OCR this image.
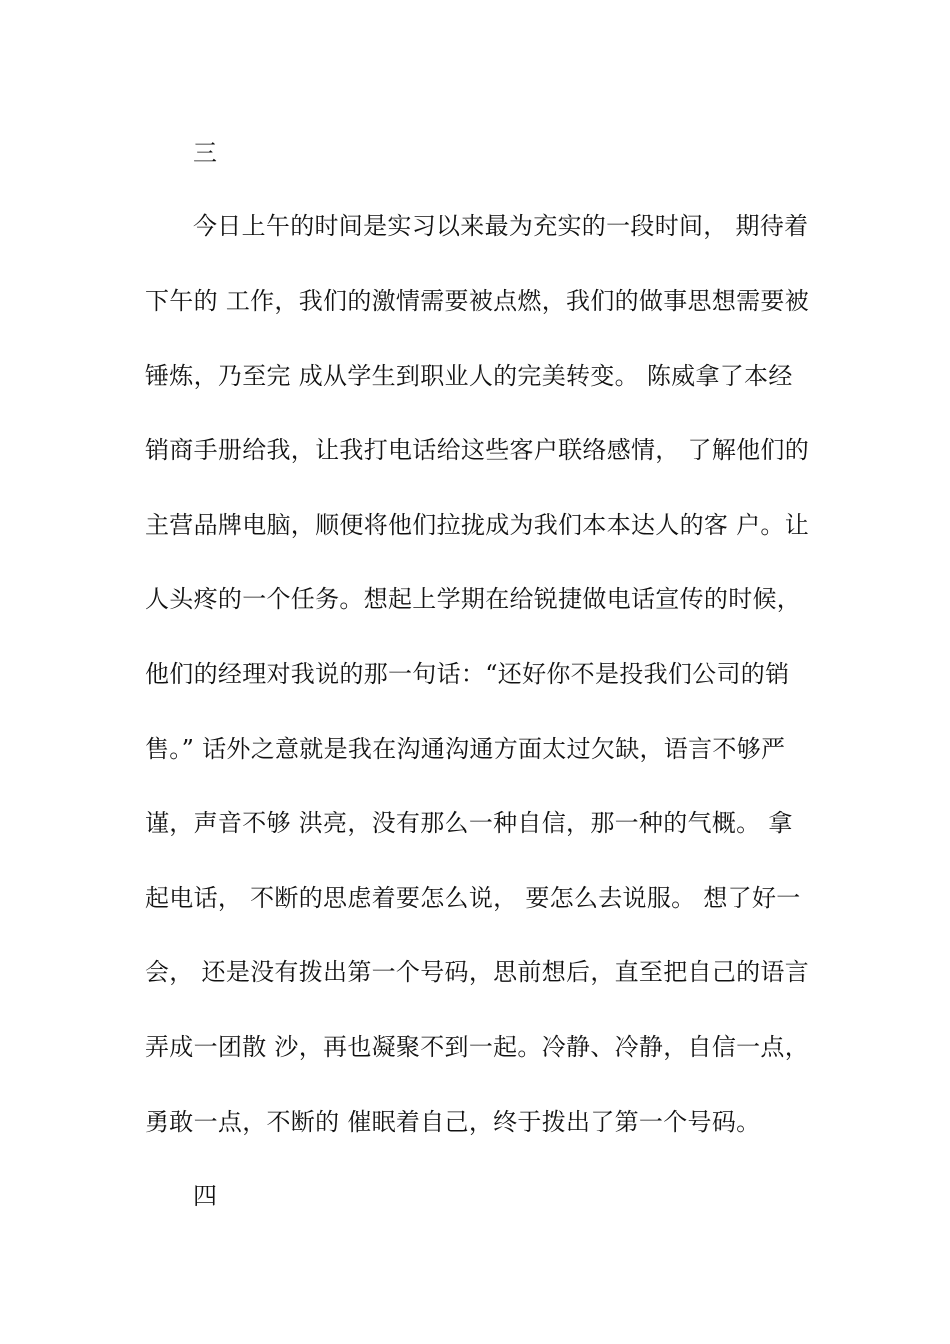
三
今日上午的时间是实习以来最为充实的一段时间， 期待着
下午的 工作，我们的激情需要被点燃，我们的做事思想需要被
锤炼，乃至完 成从学生到职业人的完美转变。 陈威拿了本经
销商手册给我，让我打电话给这些客户联络感情， 了解他们的
主营品牌电脑，顺便将他们拉拢成为我们本本达人的客 户。让
人头疼的一个任务。想起上学期在给锐捷做电话宣传的时候，
他们的经理对我说的那一句话：“还好你不是投我们公司的销
售。” 话外之意就是我在沟通沟通方面太过欠缺，语言不够严
谨，声音不够 洪亮，没有那么一种自信，那一种的气概。 拿
起电话， 不断的思虑着要怎么说， 要怎么去说服。 想了好一
会， 还是没有拨出第一个号码，思前想后，直至把自己的语言
弄成一团散 沙，再也凝聚不到一起。冷静、冷静，自信一点，
勇敢一点，不断的 催眠着自己，终于拨出了第一个号码。
四
